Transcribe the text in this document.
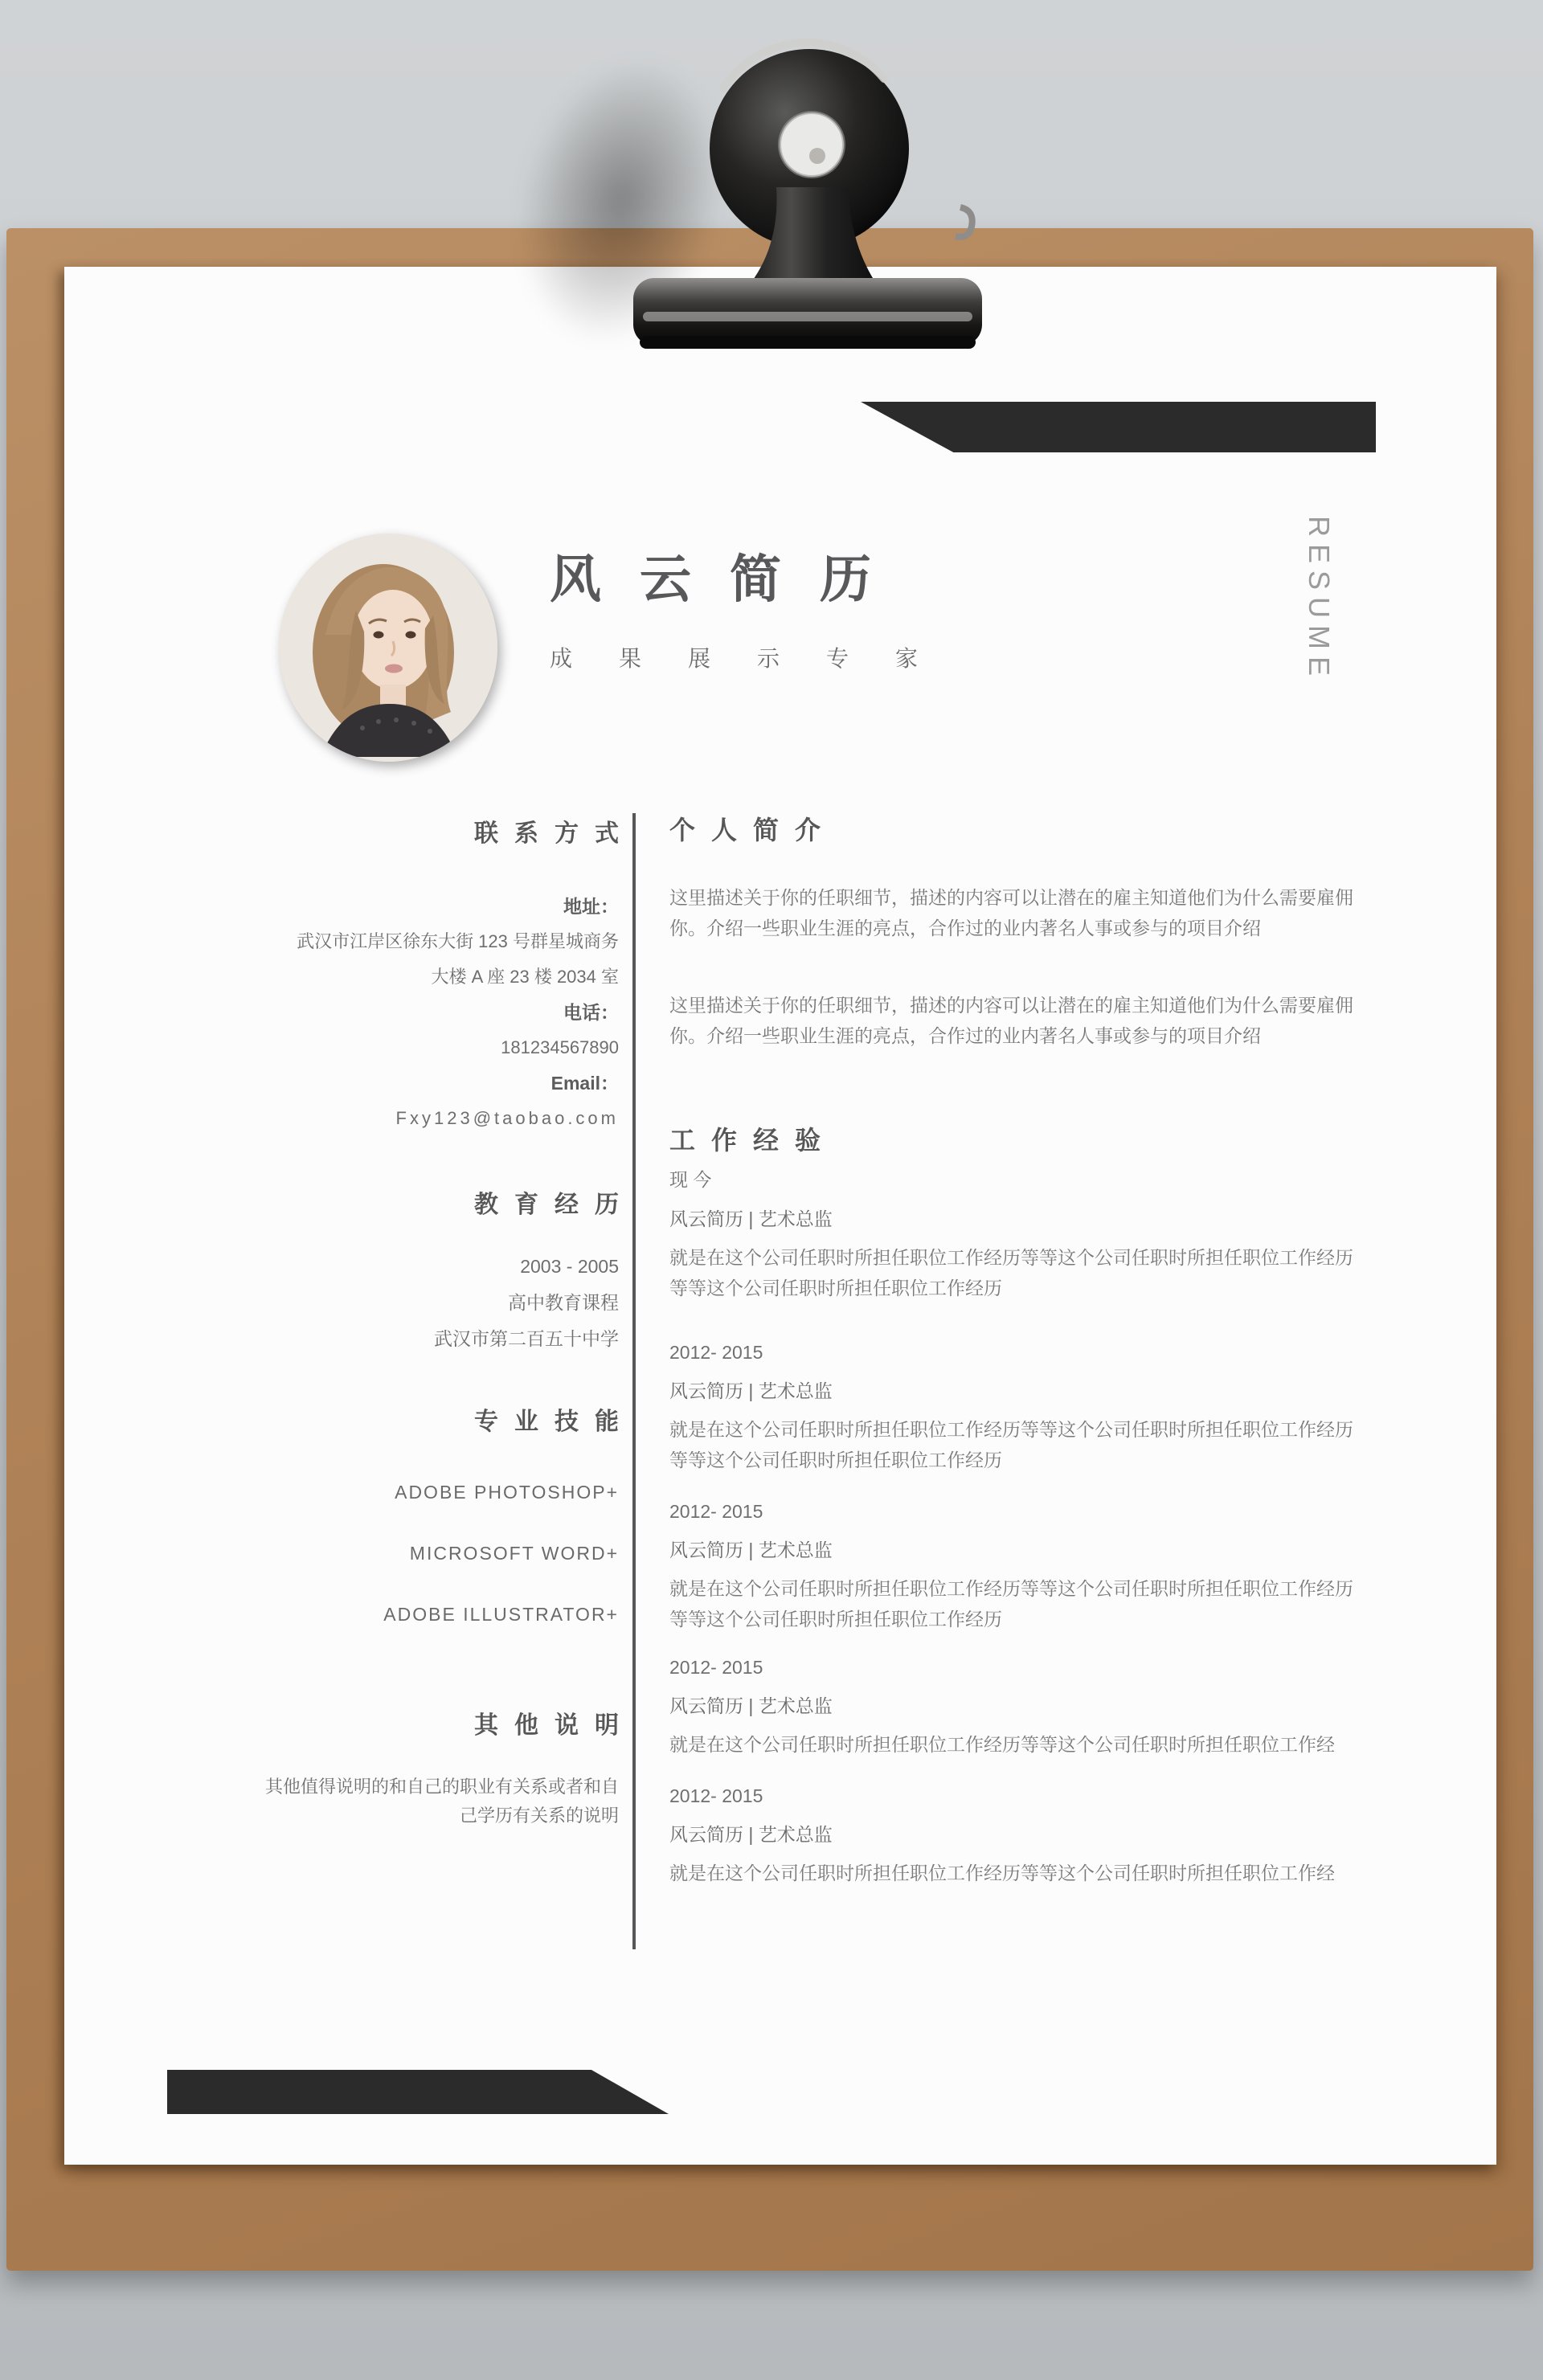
风云简历
成果展示专家	RESUME
联系方式
地址：
武汉市江岸区徐东大街 123 号群星城商务
大楼 A 座 23 楼 2034 室
电话：
181234567890
Email：
Fxy123@taobao.com
教育经历
2003 - 2005
高中教育课程
武汉市第二百五十中学
专业技能
ADOBE PHOTOSHOP+
MICROSOFT WORD+
ADOBE ILLUSTRATOR+
其他说明
其他值得说明的和自己的职业有关系或者和自己学历有关系的说明
个人简介
这里描述关于你的任职细节，描述的内容可以让潜在的雇主知道他们为什么需要雇佣你。介绍一些职业生涯的亮点，合作过的业内著名人事或参与的项目介绍
这里描述关于你的任职细节，描述的内容可以让潜在的雇主知道他们为什么需要雇佣你。介绍一些职业生涯的亮点，合作过的业内著名人事或参与的项目介绍
工作经验
现 今
风云简历 | 艺术总监
就是在这个公司任职时所担任职位工作经历等等这个公司任职时所担任职位工作经历等等这个公司任职时所担任职位工作经历
2012- 2015
风云简历 | 艺术总监
就是在这个公司任职时所担任职位工作经历等等这个公司任职时所担任职位工作经历等等这个公司任职时所担任职位工作经历
2012- 2015
风云简历 | 艺术总监
就是在这个公司任职时所担任职位工作经历等等这个公司任职时所担任职位工作经历等等这个公司任职时所担任职位工作经历
2012- 2015
风云简历 | 艺术总监
就是在这个公司任职时所担任职位工作经历等等这个公司任职时所担任职位工作经
2012- 2015
风云简历 | 艺术总监
就是在这个公司任职时所担任职位工作经历等等这个公司任职时所担任职位工作经
